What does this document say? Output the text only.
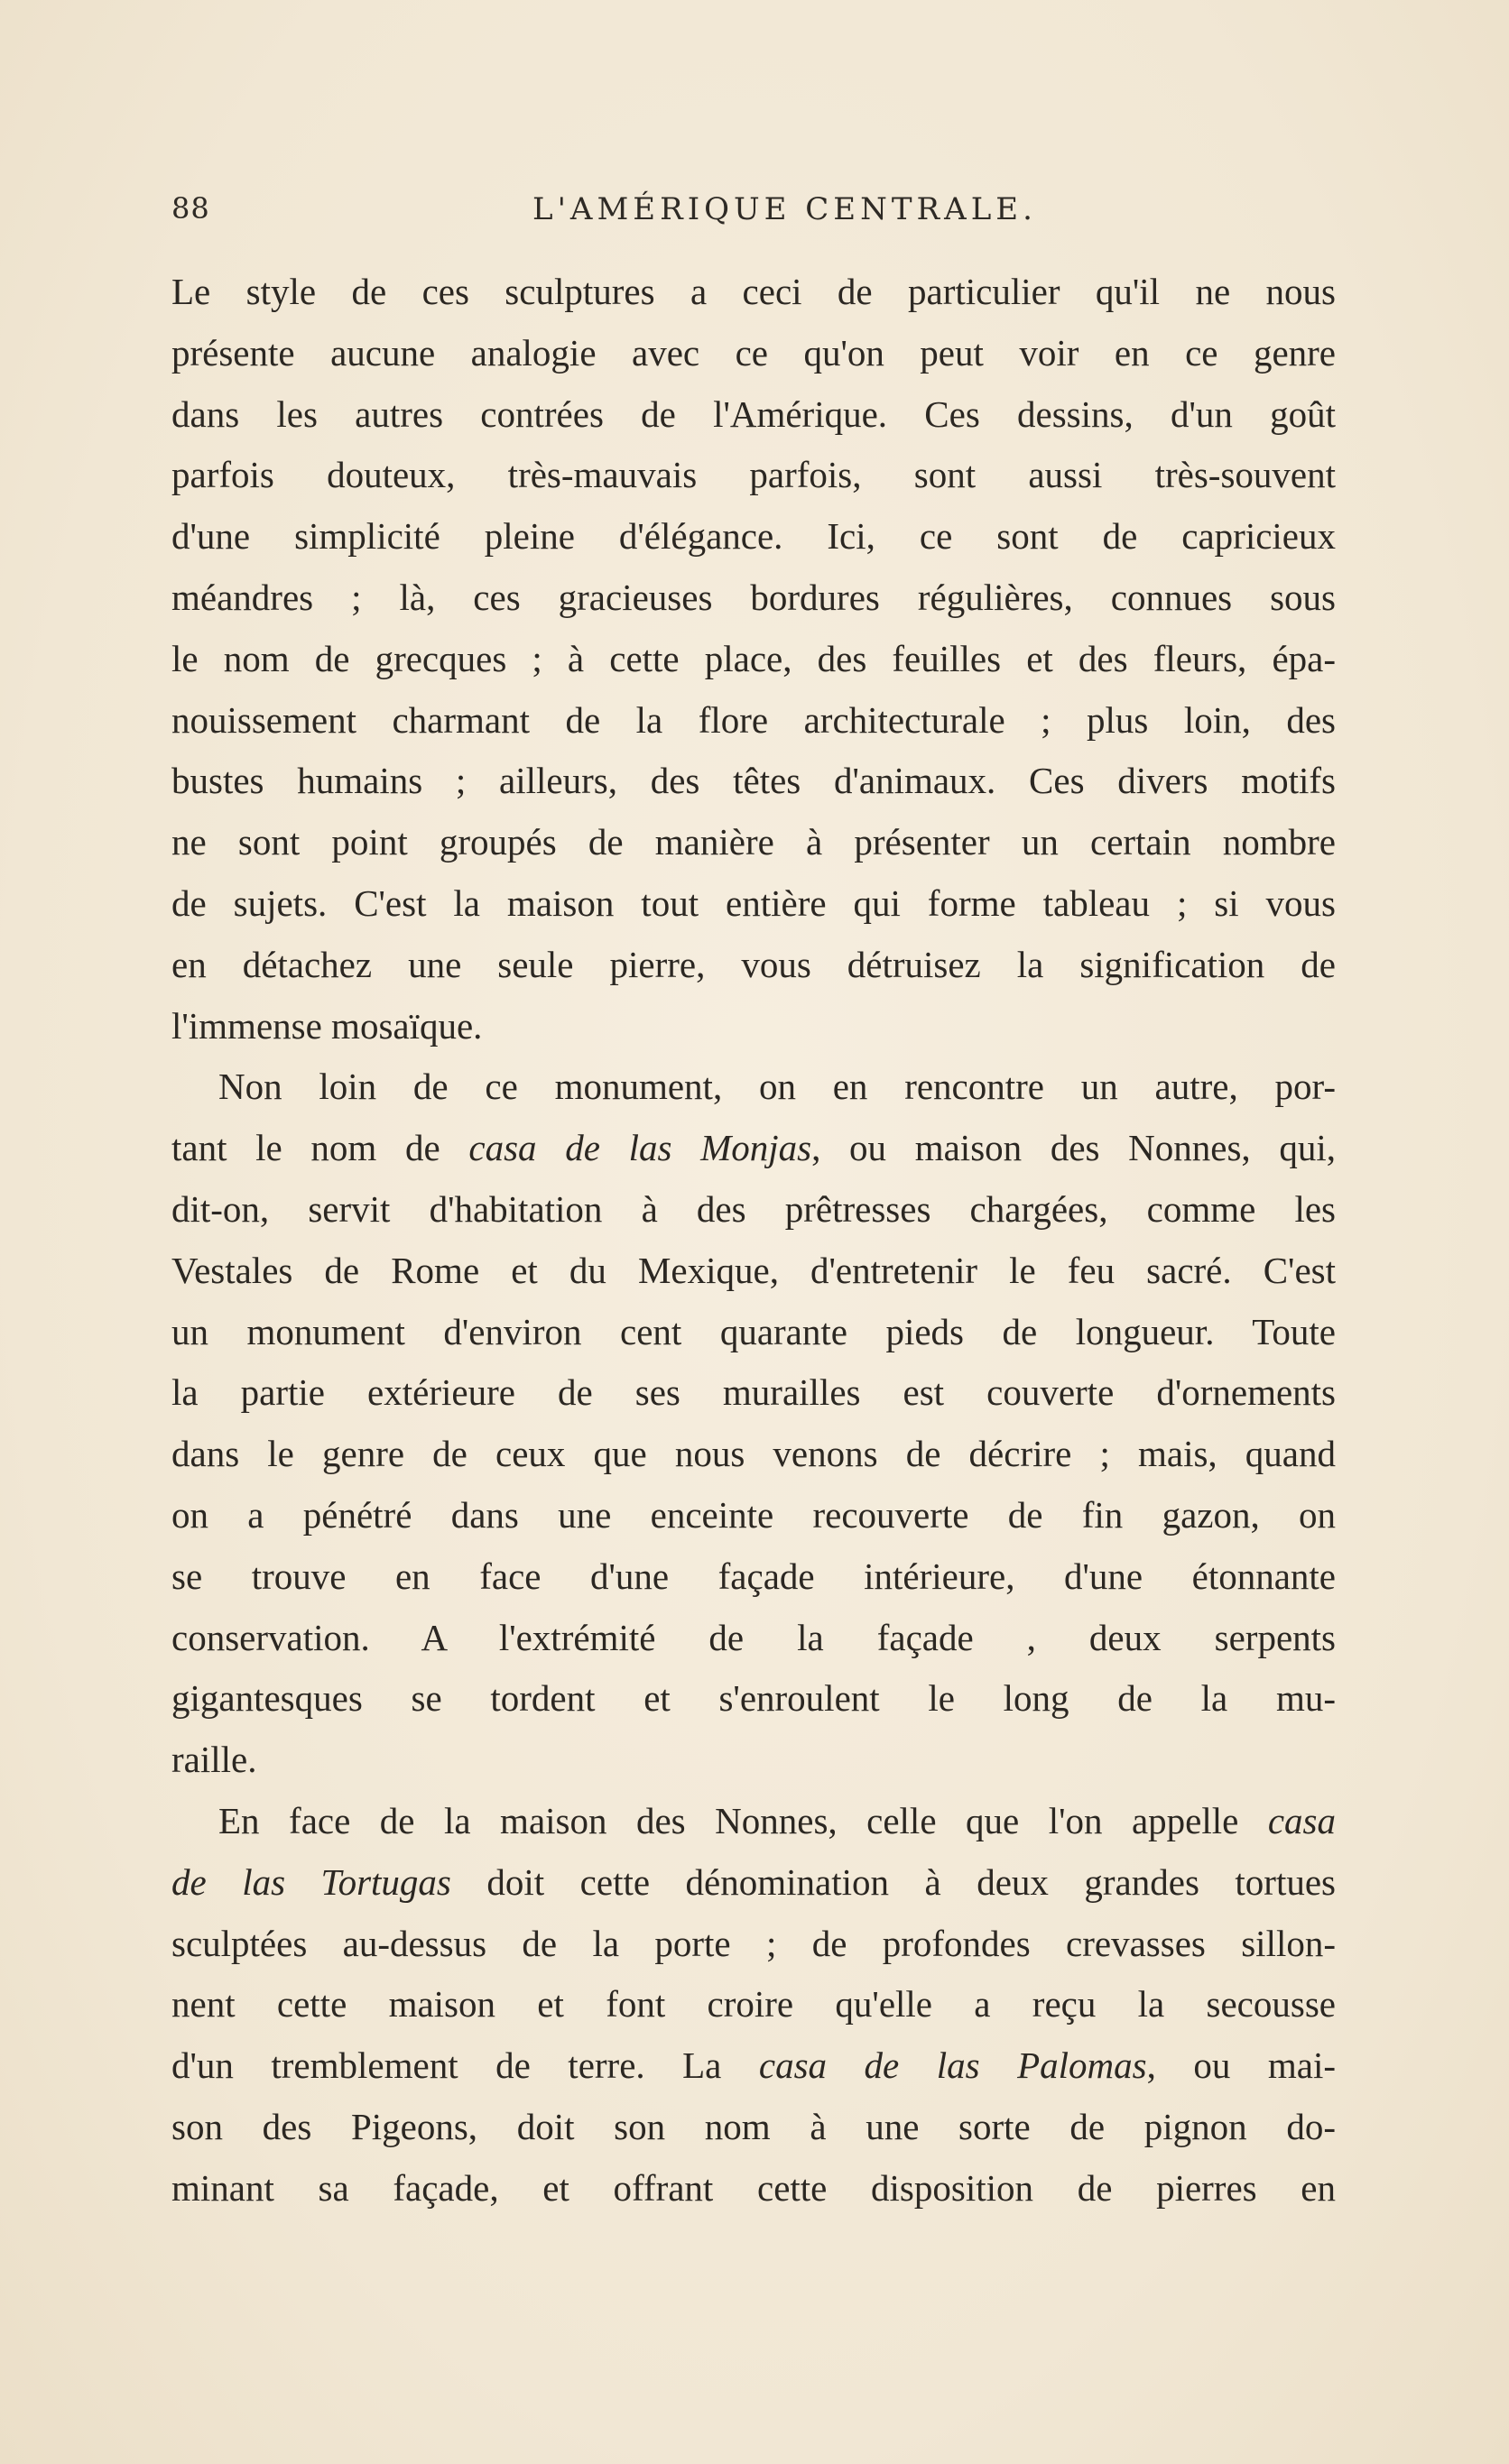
88	L'AMÉRIQUE CENTRALE.
Le style de ces sculptures a ceci de particulier qu'il ne nous
présente aucune analogie avec ce qu'on peut voir en ce genre
dans les autres contrées de l'Amérique. Ces dessins, d'un goût
parfois douteux, très-mauvais parfois, sont aussi très-souvent
d'une simplicité pleine d'élégance. Ici, ce sont de capricieux
méandres ; là, ces gracieuses bordures régulières, connues sous
le nom de grecques ; à cette place, des feuilles et des fleurs, épa-
nouissement charmant de la flore architecturale ; plus loin, des
bustes humains ; ailleurs, des têtes d'animaux. Ces divers motifs
ne sont point groupés de manière à présenter un certain nombre
de sujets. C'est la maison tout entière qui forme tableau ; si vous
en détachez une seule pierre, vous détruisez la signification de
l'immense mosaïque.
Non loin de ce monument, on en rencontre un autre, por-
tant le nom de casa de las Monjas, ou maison des Nonnes, qui,
dit-on, servit d'habitation à des prêtresses chargées, comme les
Vestales de Rome et du Mexique, d'entretenir le feu sacré. C'est
un monument d'environ cent quarante pieds de longueur. Toute
la partie extérieure de ses murailles est couverte d'ornements
dans le genre de ceux que nous venons de décrire ; mais, quand
on a pénétré dans une enceinte recouverte de fin gazon, on
se trouve en face d'une façade intérieure, d'une étonnante
conservation. A l'extrémité de la façade , deux serpents
gigantesques se tordent et s'enroulent le long de la mu-
raille.
En face de la maison des Nonnes, celle que l'on appelle casa
de las Tortugas doit cette dénomination à deux grandes tortues
sculptées au-dessus de la porte ; de profondes crevasses sillon-
nent cette maison et font croire qu'elle a reçu la secousse
d'un tremblement de terre. La casa de las Palomas, ou mai-
son des Pigeons, doit son nom à une sorte de pignon do-
minant sa façade, et offrant cette disposition de pierres en
